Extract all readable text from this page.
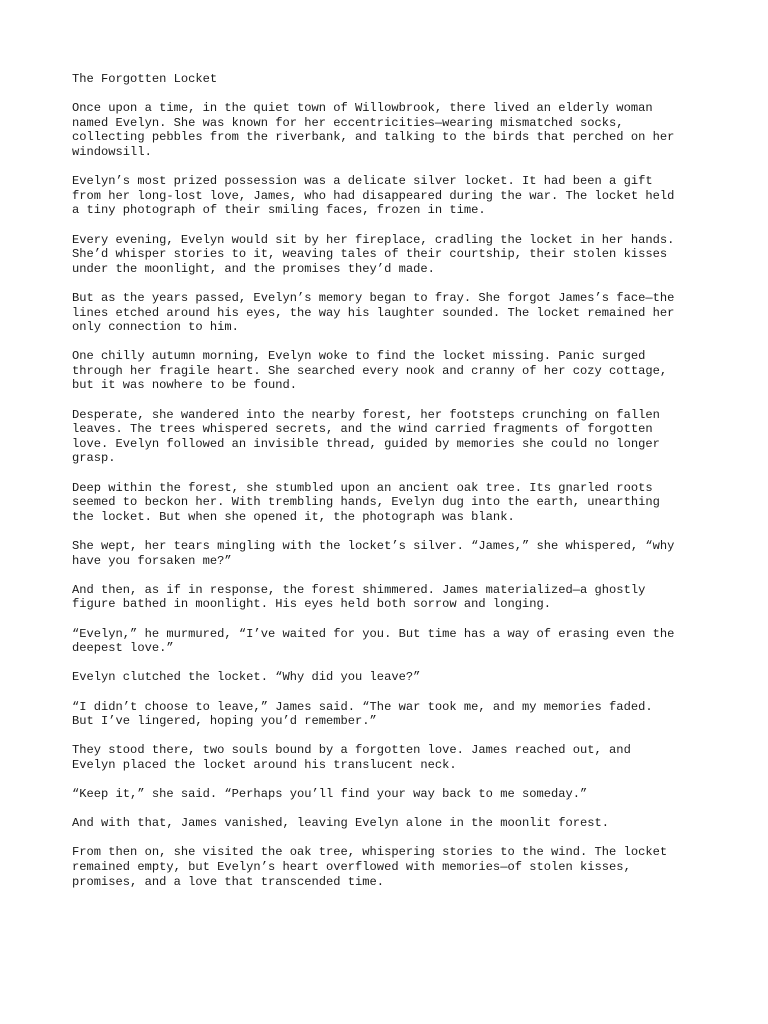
The Forgotten Locket
Once upon a time, in the quiet town of Willowbrook, there lived an elderly woman
named Evelyn. She was known for her eccentricities—wearing mismatched socks,
collecting pebbles from the riverbank, and talking to the birds that perched on her
windowsill.
Evelyn’s most prized possession was a delicate silver locket. It had been a gift
from her long-lost love, James, who had disappeared during the war. The locket held
a tiny photograph of their smiling faces, frozen in time.
Every evening, Evelyn would sit by her fireplace, cradling the locket in her hands.
She’d whisper stories to it, weaving tales of their courtship, their stolen kisses
under the moonlight, and the promises they’d made.
But as the years passed, Evelyn’s memory began to fray. She forgot James’s face—the
lines etched around his eyes, the way his laughter sounded. The locket remained her
only connection to him.
One chilly autumn morning, Evelyn woke to find the locket missing. Panic surged
through her fragile heart. She searched every nook and cranny of her cozy cottage,
but it was nowhere to be found.
Desperate, she wandered into the nearby forest, her footsteps crunching on fallen
leaves. The trees whispered secrets, and the wind carried fragments of forgotten
love. Evelyn followed an invisible thread, guided by memories she could no longer
grasp.
Deep within the forest, she stumbled upon an ancient oak tree. Its gnarled roots
seemed to beckon her. With trembling hands, Evelyn dug into the earth, unearthing
the locket. But when she opened it, the photograph was blank.
She wept, her tears mingling with the locket’s silver. “James,” she whispered, “why
have you forsaken me?”
And then, as if in response, the forest shimmered. James materialized—a ghostly
figure bathed in moonlight. His eyes held both sorrow and longing.
“Evelyn,” he murmured, “I’ve waited for you. But time has a way of erasing even the
deepest love.”
Evelyn clutched the locket. “Why did you leave?”
“I didn’t choose to leave,” James said. “The war took me, and my memories faded.
But I’ve lingered, hoping you’d remember.”
They stood there, two souls bound by a forgotten love. James reached out, and
Evelyn placed the locket around his translucent neck.
“Keep it,” she said. “Perhaps you’ll find your way back to me someday.”
And with that, James vanished, leaving Evelyn alone in the moonlit forest.
From then on, she visited the oak tree, whispering stories to the wind. The locket
remained empty, but Evelyn’s heart overflowed with memories—of stolen kisses,
promises, and a love that transcended time.
